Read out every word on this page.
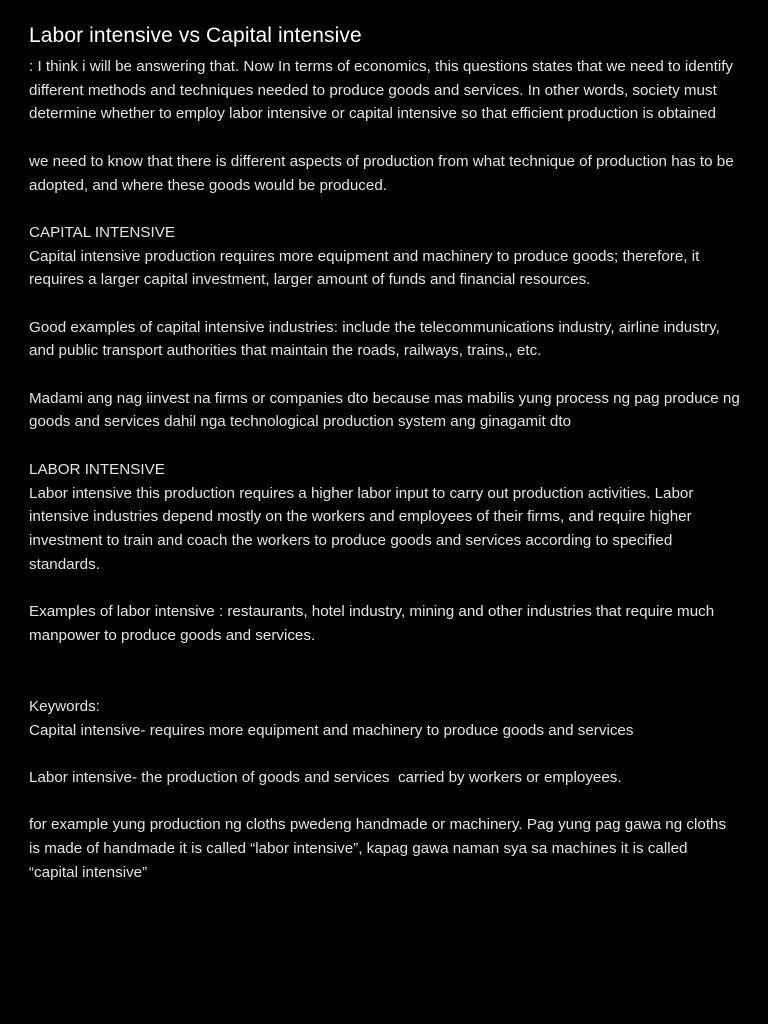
Labor intensive vs Capital intensive

: I think i will be answering that. Now In terms of economics, this questions states that we need to identify different methods and techniques needed to produce goods and services. In other words, society must determine whether to employ labor intensive or capital intensive so that efficient production is obtained

we need to know that there is different aspects of production from what technique of production has to be adopted, and where these goods would be produced.

CAPITAL INTENSIVE

Capital intensive production requires more equipment and machinery to produce goods; therefore, it requires a larger capital investment, larger amount of funds and financial resources.

Good examples of capital intensive industries: include the telecommunications industry, airline industry, and public transport authorities that maintain the roads, railways, trains,, etc.

Madami ang nag iinvest na firms or companies dto because mas mabilis yung process ng pag produce ng goods and services dahil nga technological production system ang ginagamit dto

LABOR INTENSIVE

Labor intensive this production requires a higher labor input to carry out production activities. Labor intensive industries depend mostly on the workers and employees of their firms, and require higher investment to train and coach the workers to produce goods and services according to specified standards.

Examples of labor intensive : restaurants, hotel industry, mining and other industries that require much manpower to produce goods and services.

Keywords:

Capital intensive- requires more equipment and machinery to produce goods and services

Labor intensive- the production of goods and services  carried by workers or employees.

for example yung production ng cloths pwedeng handmade or machinery. Pag yung pag gawa ng cloths is made of handmade it is called “labor intensive”, kapag gawa naman sya sa machines it is called “capital intensive”
